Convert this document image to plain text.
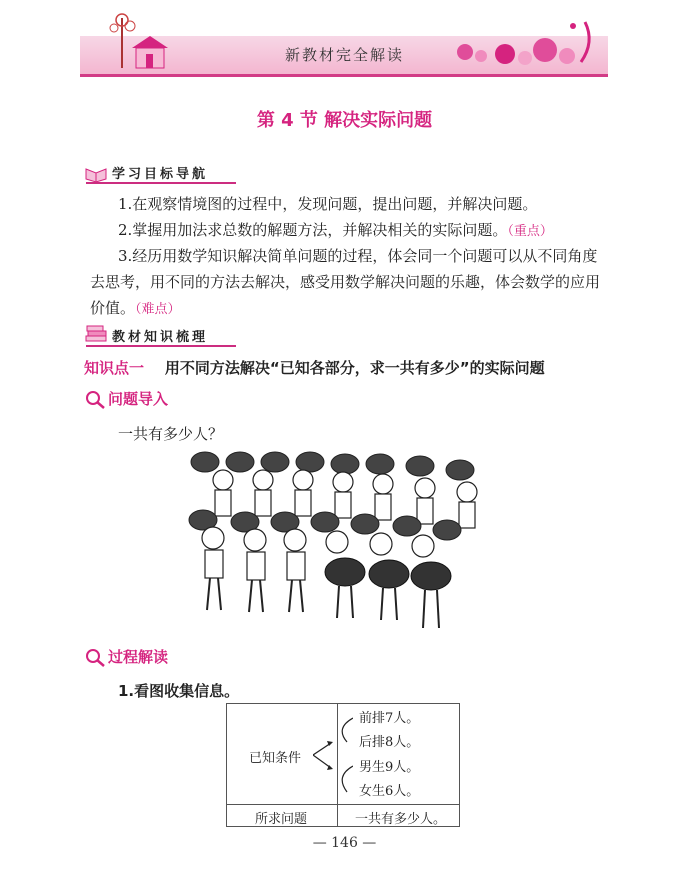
新教材完全解读
第 4 节 解决实际问题
学习目标导航
1.在观察情境图的过程中，发现问题，提出问题，并解决问题。
2.掌握用加法求总数的解题方法，并解决相关的实际问题。（重点）
3.经历用数学知识解决简单问题的过程，体会同一个问题可以从不同角度去思考，用不同的方法去解决，感受用数学解决问题的乐趣，体会数学的应用价值。（难点）
教材知识梳理
知识点一 用不同方法解决“已知各部分，求一共有多少”的实际问题
问题导入
一共有多少人？
过程解读
1.看图收集信息。
已知条件
前排7人。
后排8人。
男生9人。
女生6人。
所求问题	一共有多少人。
— 146 —
